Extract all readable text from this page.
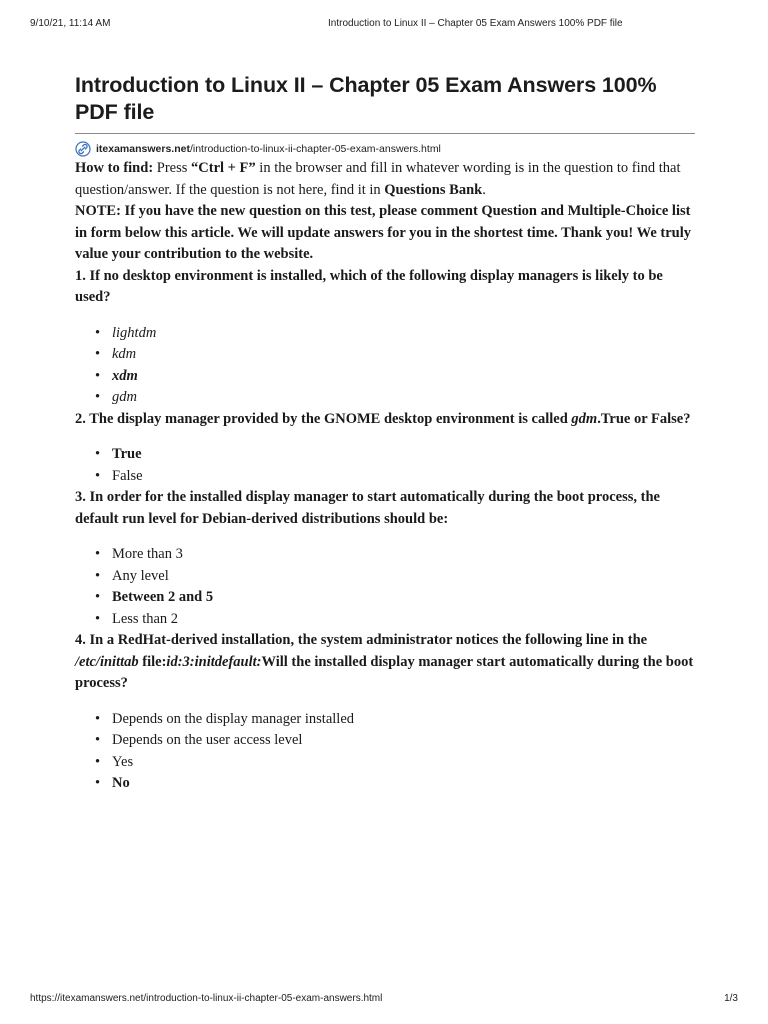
9/10/21, 11:14 AM	Introduction to Linux II – Chapter 05 Exam Answers 100% PDF file
Introduction to Linux II – Chapter 05 Exam Answers 100%
PDF file
itexamanswers.net /introduction-to-linux-ii-chapter-05-exam-answers.html

How to find: Press “Ctrl + F” in the browser and fill in whatever wording is in the question to find that question/answer. If the question is not here, find it in Questions Bank.

NOTE: If you have the new question on this test, please comment Question and Multiple-Choice list in form below this article. We will update answers for you in the shortest time. Thank you! We truly value your contribution to the website.

1. If no desktop environment is installed, which of the following display managers is likely to be used?

• lightdm
• kdm
• xdm
• gdm

2. The display manager provided by the GNOME desktop environment is called gdm.True or False?

• True
• False

3. In order for the installed display manager to start automatically during the boot process, the default run level for Debian-derived distributions should be:

• More than 3
• Any level
• Between 2 and 5
• Less than 2

4. In a RedHat-derived installation, the system administrator notices the following line in the /etc/inittab file:id:3:initdefault:Will the installed display manager start automatically during the boot process?

• Depends on the display manager installed
• Depends on the user access level
• Yes
• No
https://itexamanswers.net/introduction-to-linux-ii-chapter-05-exam-answers.html	1/3
